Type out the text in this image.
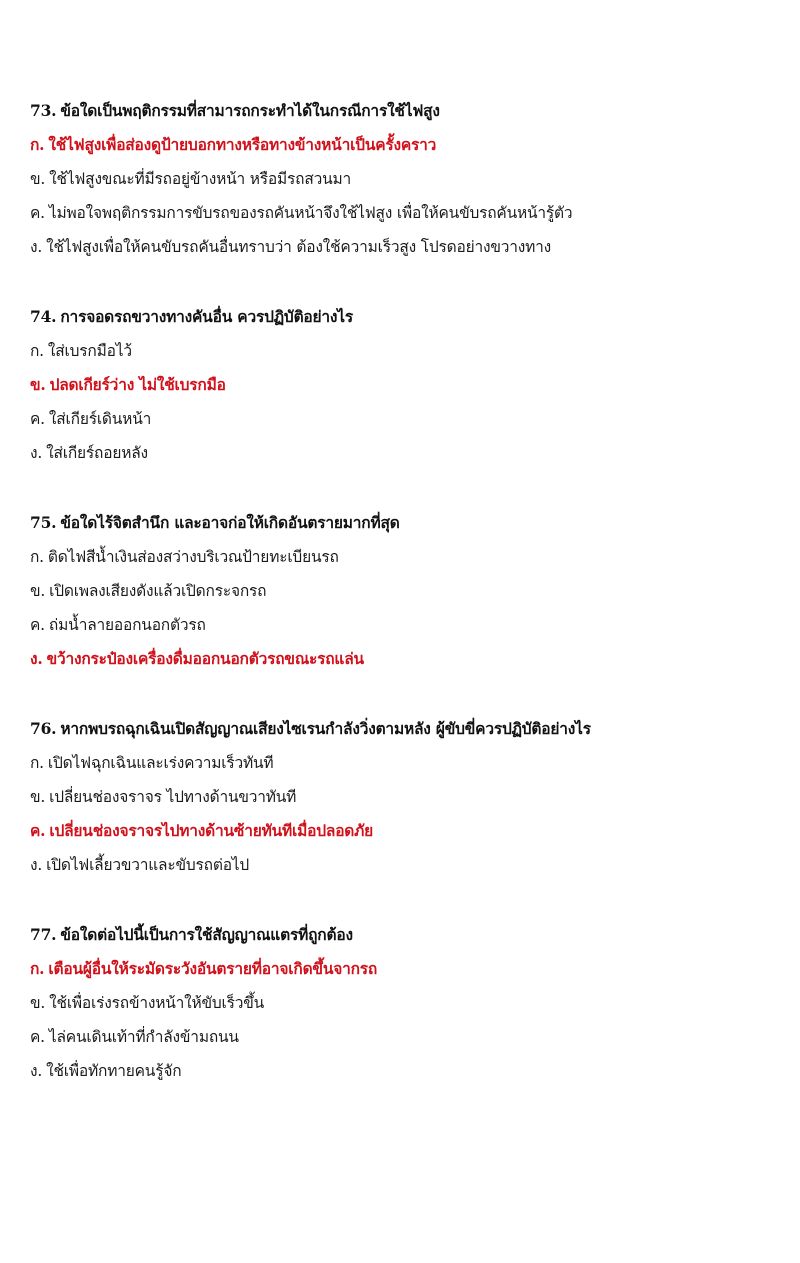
73. ข้อใดเป็นพฤติกรรมที่สามารถกระทำได้ในกรณีการใช้ไฟสูง
ก. ใช้ไฟสูงเพื่อส่องดูป้ายบอกทางหรือทางข้างหน้าเป็นครั้งคราว
ข. ใช้ไฟสูงขณะที่มีรถอยู่ข้างหน้า หรือมีรถสวนมา
ค. ไม่พอใจพฤติกรรมการขับรถของรถคันหน้าจึงใช้ไฟสูง เพื่อให้คนขับรถคันหน้ารู้ตัว
ง. ใช้ไฟสูงเพื่อให้คนขับรถคันอื่นทราบว่า ต้องใช้ความเร็วสูง โปรดอย่างขวางทาง
74. การจอดรถขวางทางคันอื่น ควรปฏิบัติอย่างไร
ก. ใส่เบรกมือไว้
ข. ปลดเกียร์ว่าง ไม่ใช้เบรกมือ
ค. ใส่เกียร์เดินหน้า
ง. ใส่เกียร์ถอยหลัง
75. ข้อใดไร้จิตสำนึก และอาจก่อให้เกิดอันตรายมากที่สุด
ก. ติดไฟสีน้ำเงินส่องสว่างบริเวณป้ายทะเบียนรถ
ข. เปิดเพลงเสียงดังแล้วเปิดกระจกรถ
ค. ถ่มน้ำลายออกนอกตัวรถ
ง. ขว้างกระป๋องเครื่องดื่มออกนอกตัวรถขณะรถแล่น
76. หากพบรถฉุกเฉินเปิดสัญญาณเสียงไซเรนกำลังวิ่งตามหลัง ผู้ขับขี่ควรปฏิบัติอย่างไร
ก. เปิดไฟฉุกเฉินและเร่งความเร็วทันที
ข. เปลี่ยนช่องจราจร ไปทางด้านขวาทันที
ค. เปลี่ยนช่องจราจรไปทางด้านซ้ายทันทีเมื่อปลอดภัย
ง. เปิดไฟเลี้ยวขวาและขับรถต่อไป
77. ข้อใดต่อไปนี้เป็นการใช้สัญญาณแตรที่ถูกต้อง
ก. เตือนผู้อื่นให้ระมัดระวังอันตรายที่อาจเกิดขึ้นจากรถ
ข. ใช้เพื่อเร่งรถข้างหน้าให้ขับเร็วขึ้น
ค. ไล่คนเดินเท้าที่กำลังข้ามถนน
ง. ใช้เพื่อทักทายคนรู้จัก
